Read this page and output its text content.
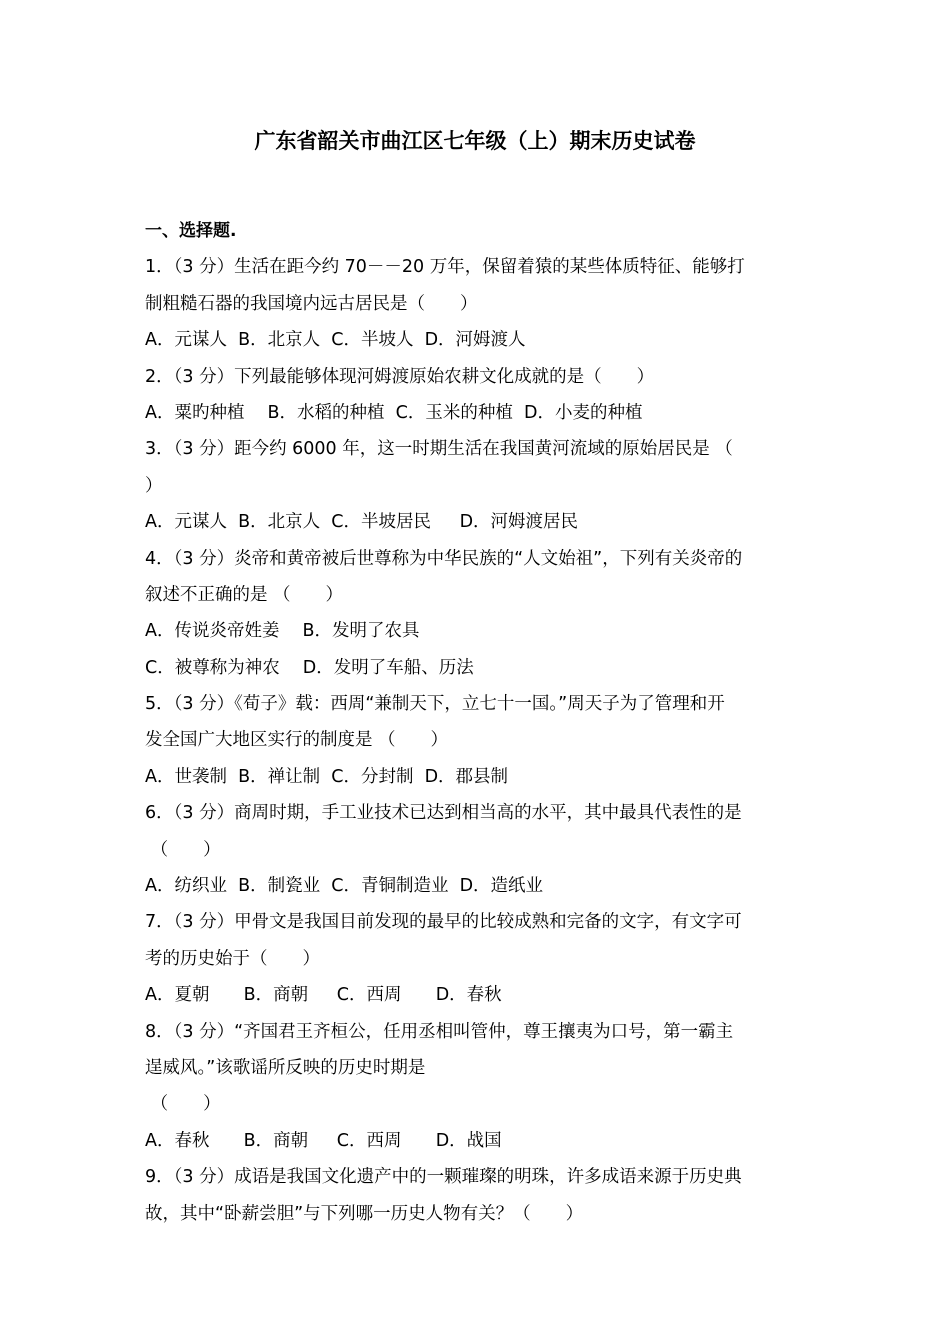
广东省韶关市曲江区七年级（上）期末历史试卷
一、选择题.
1．（3 分）生活在距今约 70－－20 万年，保留着猿的某些体质特征、能够打
制粗糙石器的我国境内远古居民是（　　）
A．元谋人  B．北京人  C．半坡人  D．河姆渡人
2．（3 分）下列最能够体现河姆渡原始农耕文化成就的是（　　）
A．粟旳种植　 B．水稻的种植  C．玉米的种植  D．小麦的种植
3．（3 分）距今约 6000 年，这一时期生活在我国黄河流域的原始居民是 （
）
A．元谋人  B．北京人  C．半坡居民　  D．河姆渡居民
4．（3 分）炎帝和黄帝被后世尊称为中华民族的“人文始祖”，下列有关炎帝的
叙述不正确的是 （　　）
A．传说炎帝姓姜　 B．发明了农具
C．被尊称为神农　 D．发明了车船、历法
5．（3 分）《荀子》载：西周“兼制天下，立七十一国。”周天子为了管理和开
发全国广大地区实行的制度是 （　　）
A．世袭制  B．禅让制  C．分封制  D．郡县制
6．（3 分）商周时期，手工业技术已达到相当高的水平，其中最具代表性的是
（　　）
A．纺织业  B．制瓷业  C．青铜制造业  D．造纸业
7．（3 分）甲骨文是我国目前发现的最早的比较成熟和完备的文字，有文字可
考的历史始于（　　）
A．夏朝　   B．商朝　  C．西周　   D．春秋
8．（3 分）“齐国君王齐桓公，任用丞相叫管仲，尊王攘夷为口号，第一霸主
逞威风。”该歌谣所反映的历史时期是
（　　）
A．春秋　   B．商朝　  C．西周　   D．战国
9．（3 分）成语是我国文化遗产中的一颗璀璨的明珠，许多成语来源于历史典
故，其中“卧薪尝胆”与下列哪一历史人物有关？（　　）
